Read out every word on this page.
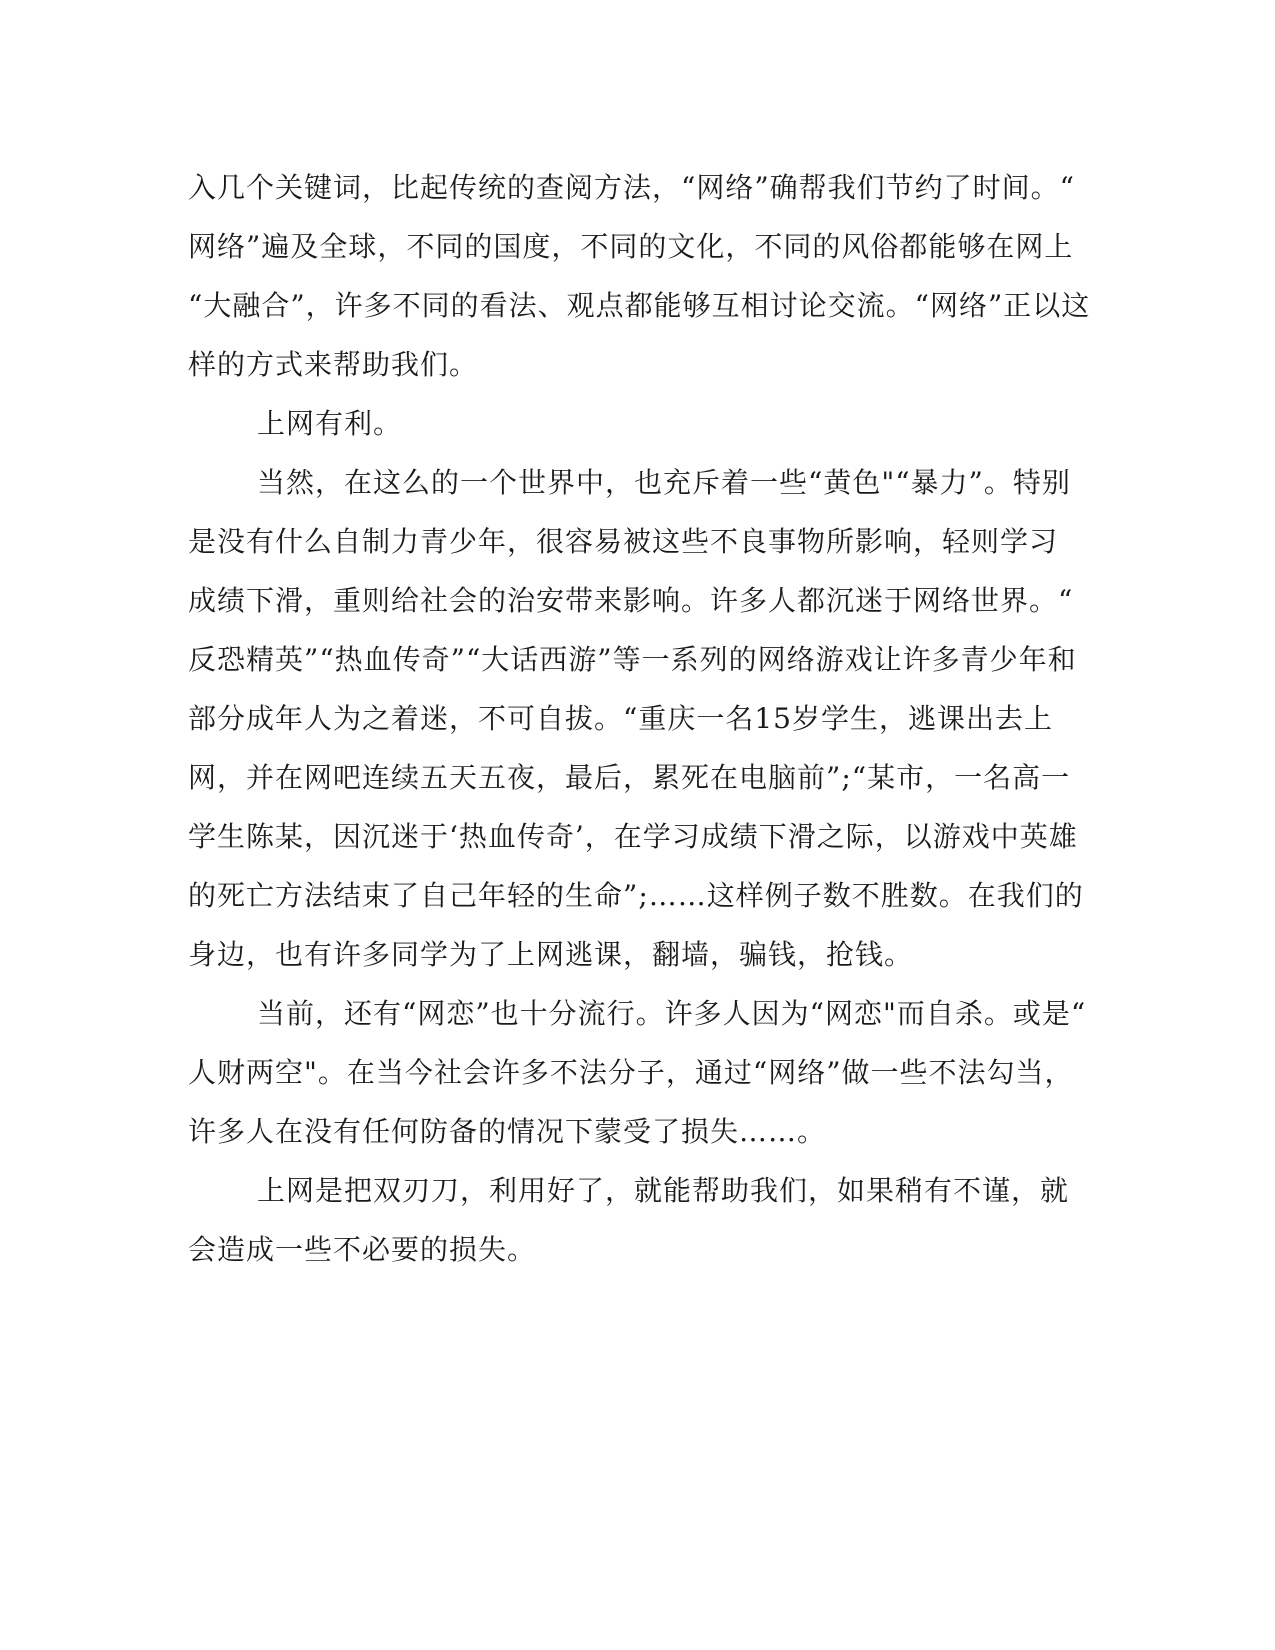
入几个关键词，比起传统的查阅方法，“网络”确帮我们节约了时间。“
网络”遍及全球，不同的国度，不同的文化，不同的风俗都能够在网上
“大融合”，许多不同的看法、观点都能够互相讨论交流。“网络”正以这
样的方式来帮助我们。
上网有利。
当然，在这么的一个世界中，也充斥着一些“黄色"“暴力”。特别
是没有什么自制力青少年，很容易被这些不良事物所影响，轻则学习
成绩下滑，重则给社会的治安带来影响。许多人都沉迷于网络世界。“
反恐精英”“热血传奇”“大话西游”等一系列的网络游戏让许多青少年和
部分成年人为之着迷，不可自拔。“重庆一名15岁学生，逃课出去上
网，并在网吧连续五天五夜，最后，累死在电脑前”;“某市，一名高一
学生陈某，因沉迷于‘热血传奇’，在学习成绩下滑之际，以游戏中英雄
的死亡方法结束了自己年轻的生命”;……这样例子数不胜数。在我们的
身边，也有许多同学为了上网逃课，翻墙，骗钱，抢钱。
当前，还有“网恋”也十分流行。许多人因为“网恋"而自杀。或是“
人财两空"。在当今社会许多不法分子，通过“网络”做一些不法勾当，
许多人在没有任何防备的情况下蒙受了损失……。
上网是把双刃刀，利用好了，就能帮助我们，如果稍有不谨，就
会造成一些不必要的损失。
